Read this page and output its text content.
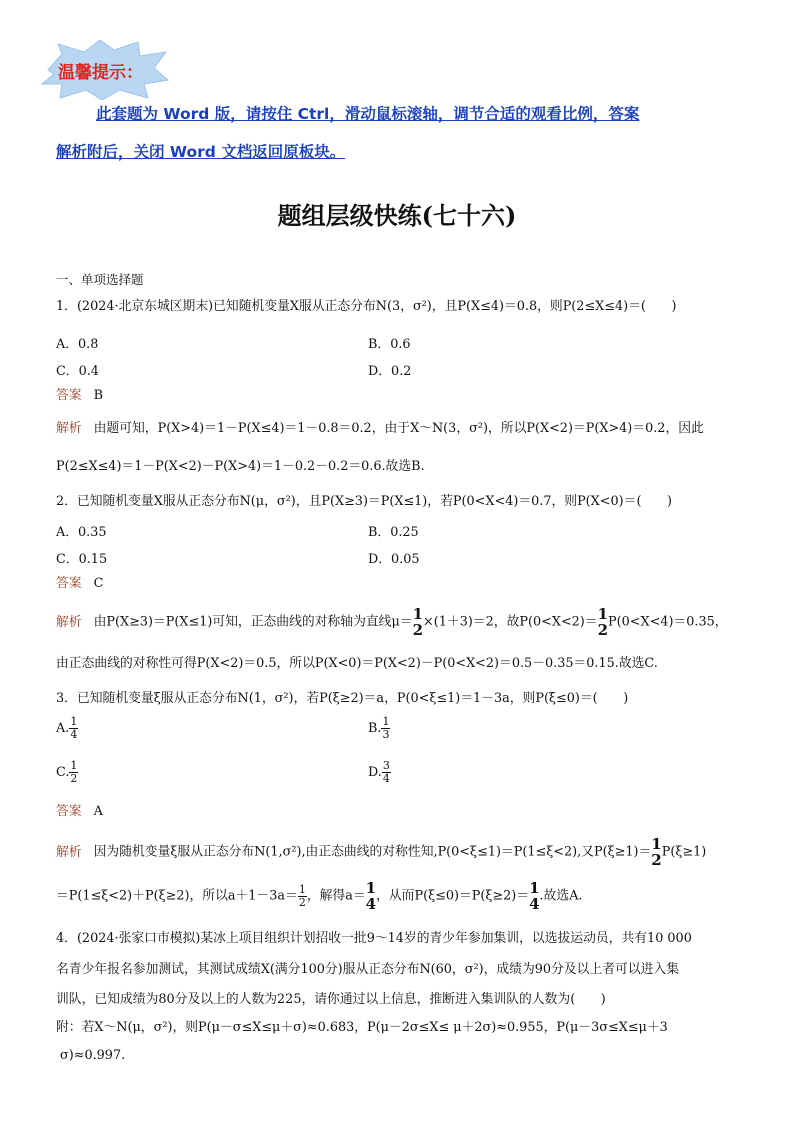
温馨提示：
此套题为 Word 版，请按住 Ctrl，滑动鼠标滚轴，调节合适的观看比例，答案
解析附后，关闭 Word 文档返回原板块。
题组层级快练(七十六)
一、单项选择题
1．(2024·北京东城区期末)已知随机变量X服从正态分布N(3，σ²)，且P(X≤4)＝0.8，则P(2≤X≤4)＝(　　)
A．0.8	B．0.6
C．0.4	D．0.2
答案 B
解析 由题可知，P(X>4)＝1－P(X≤4)＝1－0.8＝0.2，由于X～N(3，σ²)，所以P(X<2)＝P(X>4)＝0.2，因此
P(2≤X≤4)＝1－P(X<2)－P(X>4)＝1－0.2－0.2＝0.6.故选B.
2．已知随机变量X服从正态分布N(μ，σ²)，且P(X≥3)＝P(X≤1)，若P(0<X<4)＝0.7，则P(X<0)＝(　　)
A．0.35	B．0.25
C．0.15	D．0.05
答案 C
解析 由P(X≥3)＝P(X≤1)可知，正态曲线的对称轴为直线μ＝ 1
2 ×(1＋3)＝2，故P(0<X<2)＝ 1
2 P(0<X<4)＝0.35，
由正态曲线的对称性可得P(X<2)＝0.5，所以P(X<0)＝P(X<2)－P(0<X<2)＝0.5－0.35＝0.15.故选C.
3．已知随机变量ξ服从正态分布N(1，σ²)，若P(ξ≥2)＝a，P(0<ξ≤1)＝1－3a，则P(ξ≤0)＝(　　)
A. $\frac{1}{4}$	B. $\frac{1}{3}$
C. $\frac{1}{2}$	D. $\frac{3}{4}$
答案 A
解析 因为随机变量ξ服从正态分布N(1,σ²),由正态曲线的对称性知,P(0<ξ≤1)＝P(1≤ξ<2),又P(ξ≥1)＝ 1
2 P(ξ≥1)
＝P(1≤ξ<2)＋P(ξ≥2)，所以$a+1-3a= \frac{1}{2}$ ，解得a＝ 1
4 ，从而P(ξ≤0)＝P(ξ≥2)＝ 1
4 .故选A.
4．(2024·张家口市模拟)某冰上项目组织计划招收一批9～14岁的青少年参加集训，以选拔运动员，共有10 000
名青少年报名参加测试，其测试成绩X(满分100分)服从正态分布N(60，σ²)，成绩为90分及以上者可以进入集
训队，已知成绩为80分及以上的人数为225，请你通过以上信息，推断进入集训队的人数为(　　)
附：若X～N(μ，σ²)，则P(μ－σ≤X≤μ＋σ)≈0.683，P(μ－2σ≤X≤ μ＋2σ)≈0.955，P(μ－3σ≤X≤μ＋3
σ)≈0.997.
